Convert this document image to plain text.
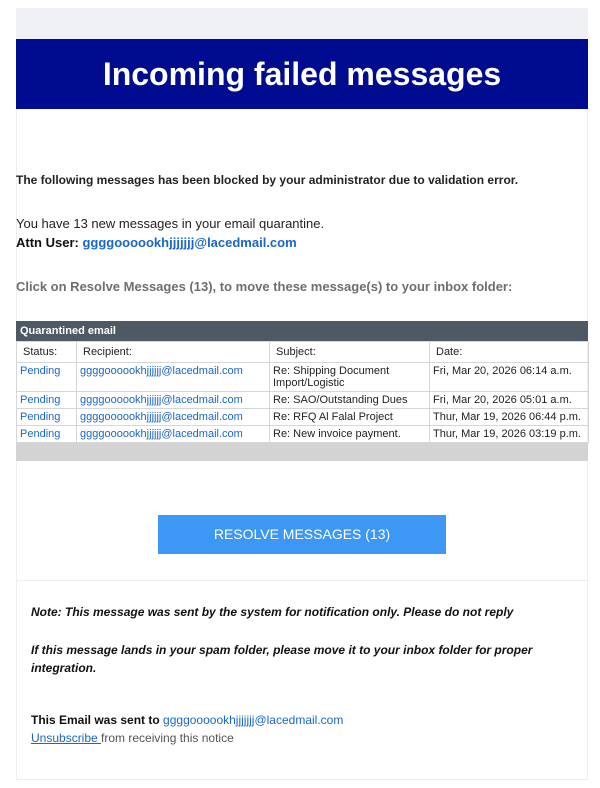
Incoming failed messages
The following messages has been blocked by your administrator due to validation error.
You have 13 new messages in your email quarantine.
Attn User: ggggoooookhjjjjjjj@lacedmail.com
Click on Resolve Messages (13), to move these message(s) to your inbox folder:
Quarantined email
Status:	Recipient:	Subject:	Date:
Pending	ggggoooookhjjjjjj@lacedmail.com	Re: Shipping Document Import/Logistic	Fri, Mar 20, 2026 06:14 a.m.
Pending	ggggoooookhjjjjjj@lacedmail.com	Re: SAO/Outstanding Dues	Fri, Mar 20, 2026 05:01 a.m.
Pending	ggggoooookhjjjjjj@lacedmail.com	Re: RFQ Al Falal Project	Thur, Mar 19, 2026 06:44 p.m.
Pending	ggggoooookhjjjjjj@lacedmail.com	Re: New invoice payment.	Thur, Mar 19, 2026 03:19 p.m.
RESOLVE MESSAGES (13)
Note: This message was sent by the system for notification only. Please do not reply
If this message lands in your spam folder, please move it to your inbox folder for proper integration.
This Email was sent to ggggoooookhjjjjjjj@lacedmail.com
Unsubscribe from receiving this notice
